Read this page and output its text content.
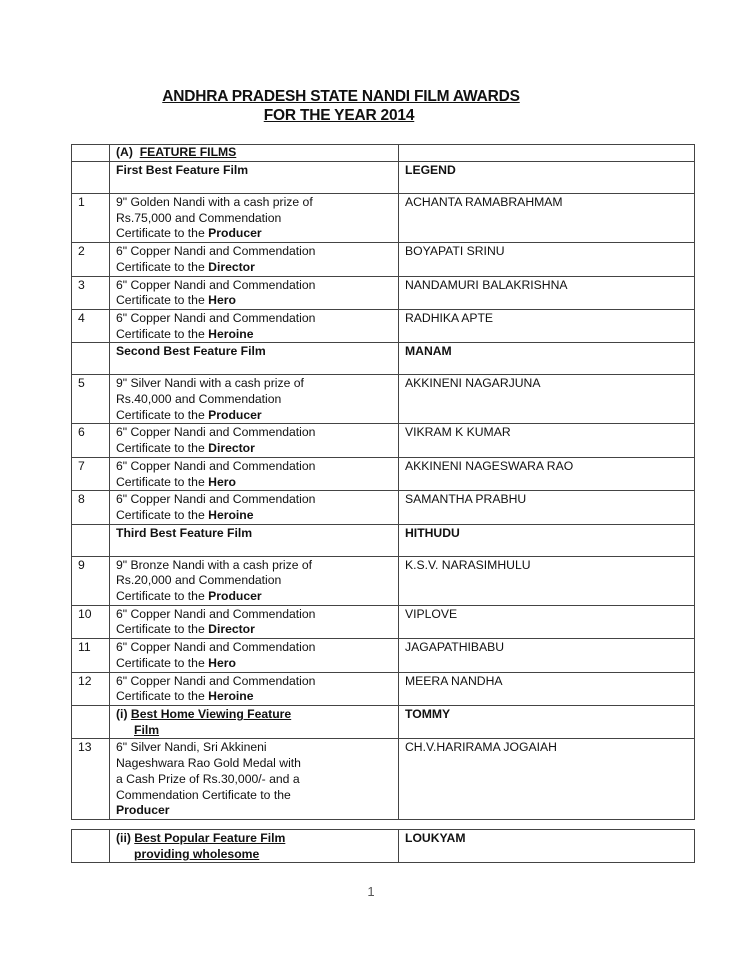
ANDHRA PRADESH STATE NANDI FILM AWARDS
FOR THE YEAR 2014
	(A) FEATURE FILMS	
	First Best Feature Film	LEGEND
1	9" Golden Nandi with a cash prize of
Rs.75,000 and Commendation
Certificate to the Producer	ACHANTA RAMABRAHMAM
2	6" Copper Nandi and Commendation
Certificate to the Director	BOYAPATI SRINU
3	6" Copper Nandi and Commendation
Certificate to the Hero	NANDAMURI BALAKRISHNA
4	6" Copper Nandi and Commendation
Certificate to the Heroine	RADHIKA APTE
	Second Best Feature Film	MANAM
5	9" Silver Nandi with a cash prize of
Rs.40,000 and Commendation
Certificate to the Producer	AKKINENI NAGARJUNA
6	6" Copper Nandi and Commendation
Certificate to the Director	VIKRAM K KUMAR
7	6" Copper Nandi and Commendation
Certificate to the Hero	AKKINENI NAGESWARA RAO
8	6" Copper Nandi and Commendation
Certificate to the Heroine	SAMANTHA PRABHU
	Third Best Feature Film	HITHUDU
9	9" Bronze Nandi with a cash prize of
Rs.20,000 and Commendation
Certificate to the Producer	K.S.V. NARASIMHULU
10	6" Copper Nandi and Commendation
Certificate to the Director	VIPLOVE
11	6" Copper Nandi and Commendation
Certificate to the Hero	JAGAPATHIBABU
12	6" Copper Nandi and Commendation
Certificate to the Heroine	MEERA NANDHA
	(i) Best Home Viewing Feature
Film	TOMMY
13	6" Silver Nandi, Sri Akkineni
Nageshwara Rao Gold Medal with
a Cash Prize of Rs.30,000/- and a
Commendation Certificate to the
Producer	CH.V.HARIRAMA JOGAIAH
	(ii) Best Popular Feature Film
providing wholesome	LOUKYAM
1
